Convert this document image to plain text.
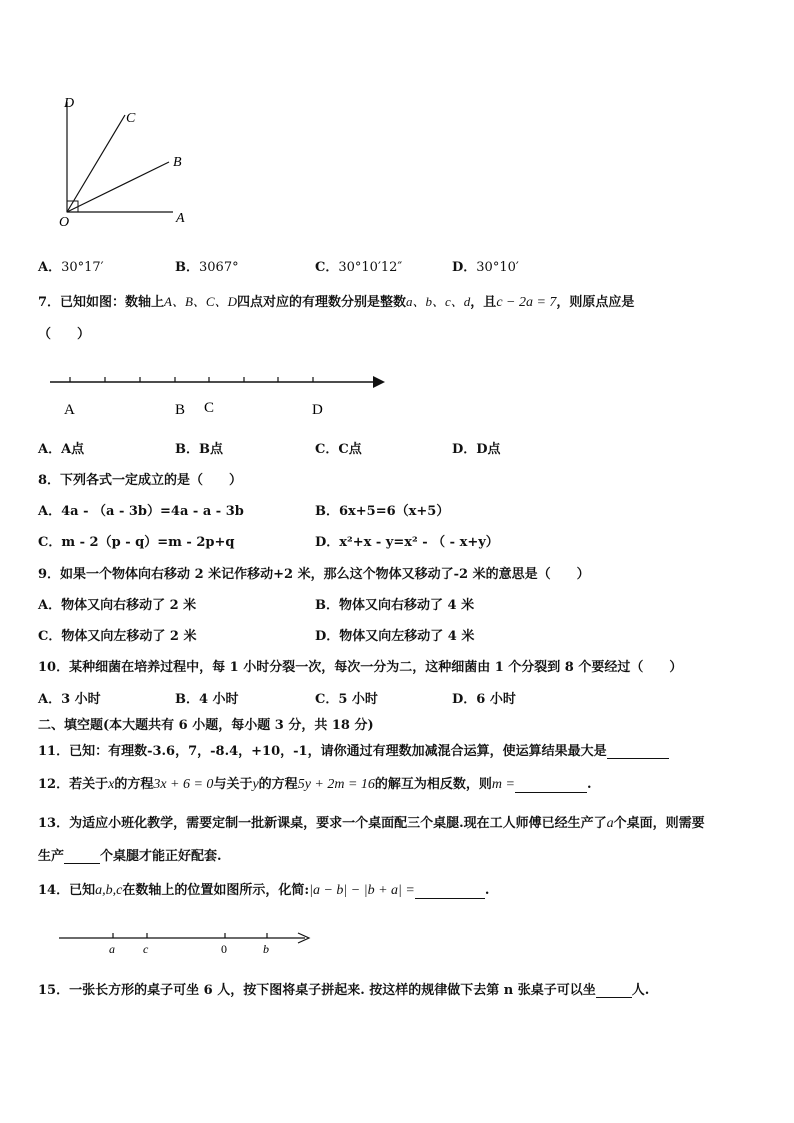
D
C
B
A
O
A．30°17′	B．3067°	C．30°10′12″	D．30°10′
7．已知如图：数轴上A、B、C、D四点对应的有理数分别是整数a、b、c、d，且c − 2a = 7，则原点应是
（　　）
A	B C	D
A．A点	B．B点	C．C点	D．D点
8．下列各式一定成立的是（　　）
A．4a - （a - 3b）=4a - a - 3b	B．6x+5=6（x+5）
C．m - 2（p - q）=m - 2p+q	D．x²+x - y=x² - （ - x+y）
9．如果一个物体向右移动 2 米记作移动+2 米，那么这个物体又移动了-2 米的意思是（　　）
A．物体又向右移动了 2 米	B．物体又向右移动了 4 米
C．物体又向左移动了 2 米	D．物体又向左移动了 4 米
10．某种细菌在培养过程中，每 1 小时分裂一次，每次一分为二，这种细菌由 1 个分裂到 8 个要经过（　　）
A．3 小时	B．4 小时	C．5 小时	D．6 小时
二、填空题(本大题共有 6 小题，每小题 3 分，共 18 分)
11．已知：有理数-3.6，7，-8.4，+10，-1，请你通过有理数加减混合运算，使运算结果最大是
12．若关于x的方程3x + 6 = 0与关于y的方程5y + 2m = 16的解互为相反数，则m =	.
13．为适应小班化教学，需要定制一批新课桌，要求一个桌面配三个桌腿.现在工人师傅已经生产了a个桌面，则需要
生产	个桌腿才能正好配套.
14．已知a,b,c在数轴上的位置如图所示，化简:|a − b| − |b + a| =	.
a c	0	b
15．一张长方形的桌子可坐 6 人，按下图将桌子拼起来. 按这样的规律做下去第 n 张桌子可以坐	人.
